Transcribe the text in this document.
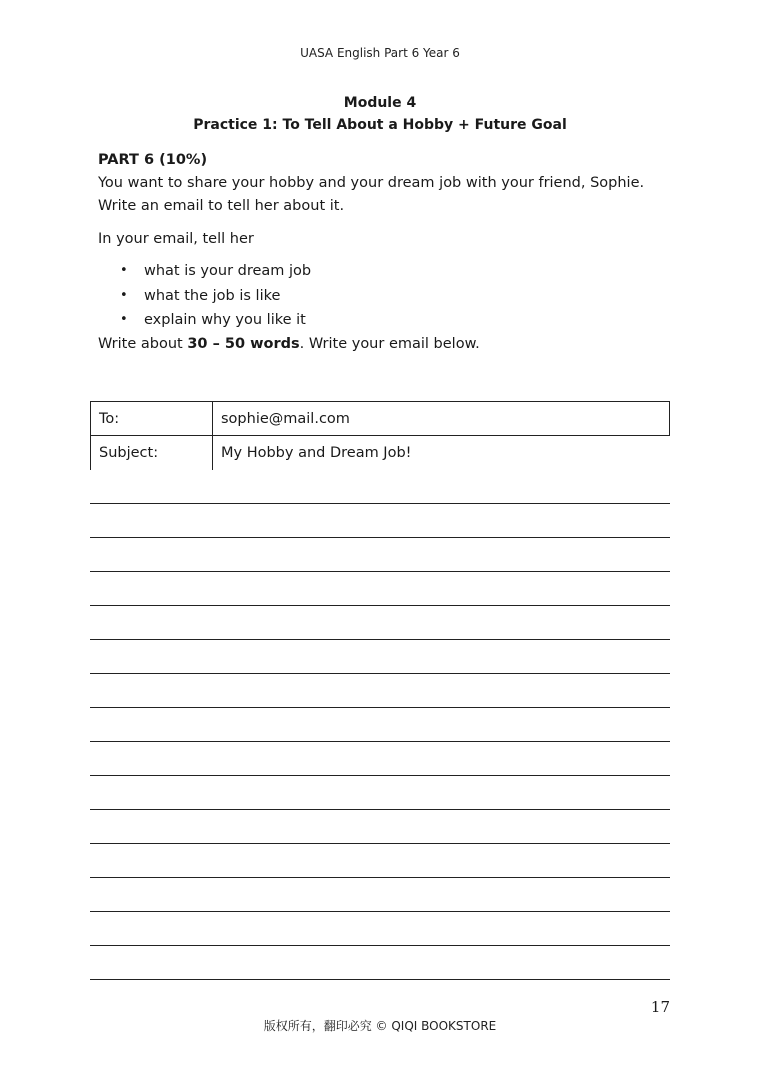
UASA English Part 6 Year 6
Module 4
Practice 1: To Tell About a Hobby + Future Goal
PART 6 (10%)
You want to share your hobby and your dream job with your friend, Sophie. Write an email to tell her about it.
In your email, tell her
• what is your dream job
• what the job is like
• explain why you like it
Write about 30 – 50 words. Write your email below.
To:	sophie@mail.com
Subject:	My Hobby and Dream Job!
17
版权所有，翻印必究 © QIQI BOOKSTORE
